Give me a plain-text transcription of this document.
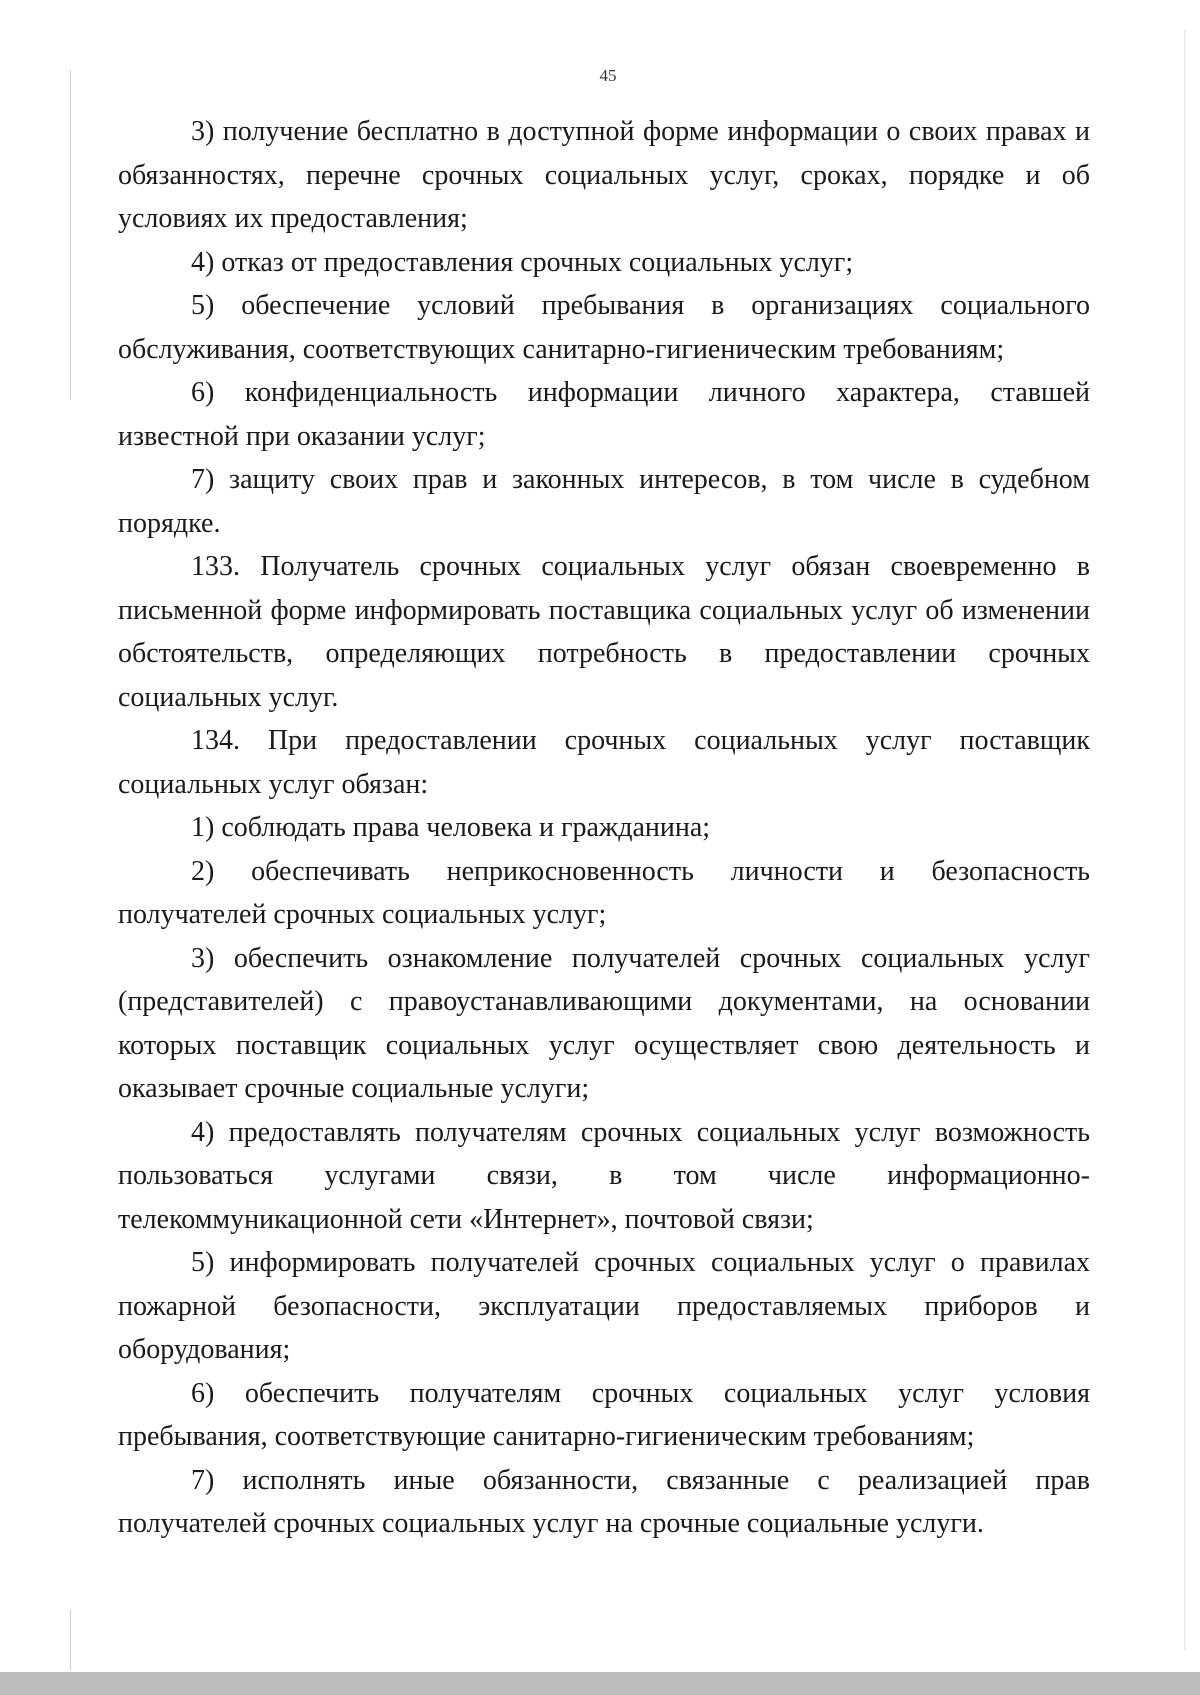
45

3) получение бесплатно в доступной форме информации о своих правах и обязанностях, перечне срочных социальных услуг, сроках, порядке и об условиях их предоставления;

4) отказ от предоставления срочных социальных услуг;

5) обеспечение условий пребывания в организациях социального обслуживания, соответствующих санитарно-гигиеническим требованиям;

6) конфиденциальность информации личного характера, ставшей известной при оказании услуг;

7) защиту своих прав и законных интересов, в том числе в судебном порядке.

133. Получатель срочных социальных услуг обязан своевременно в письменной форме информировать поставщика социальных услуг об изменении обстоятельств, определяющих потребность в предоставлении срочных социальных услуг.

134. При предоставлении срочных социальных услуг поставщик социальных услуг обязан:

1) соблюдать права человека и гражданина;

2) обеспечивать неприкосновенность личности и безопасность получателей срочных социальных услуг;

3) обеспечить ознакомление получателей срочных социальных услуг (представителей) с правоустанавливающими документами, на основании которых поставщик социальных услуг осуществляет свою деятельность и оказывает срочные социальные услуги;

4) предоставлять получателям срочных социальных услуг возможность пользоваться услугами связи, в том числе информационно-телекоммуникационной сети «Интернет», почтовой связи;

5) информировать получателей срочных социальных услуг о правилах пожарной безопасности, эксплуатации предоставляемых приборов и оборудования;

6) обеспечить получателям срочных социальных услуг условия пребывания, соответствующие санитарно-гигиеническим требованиям;

7) исполнять иные обязанности, связанные с реализацией прав получателей срочных социальных услуг на срочные социальные услуги.
